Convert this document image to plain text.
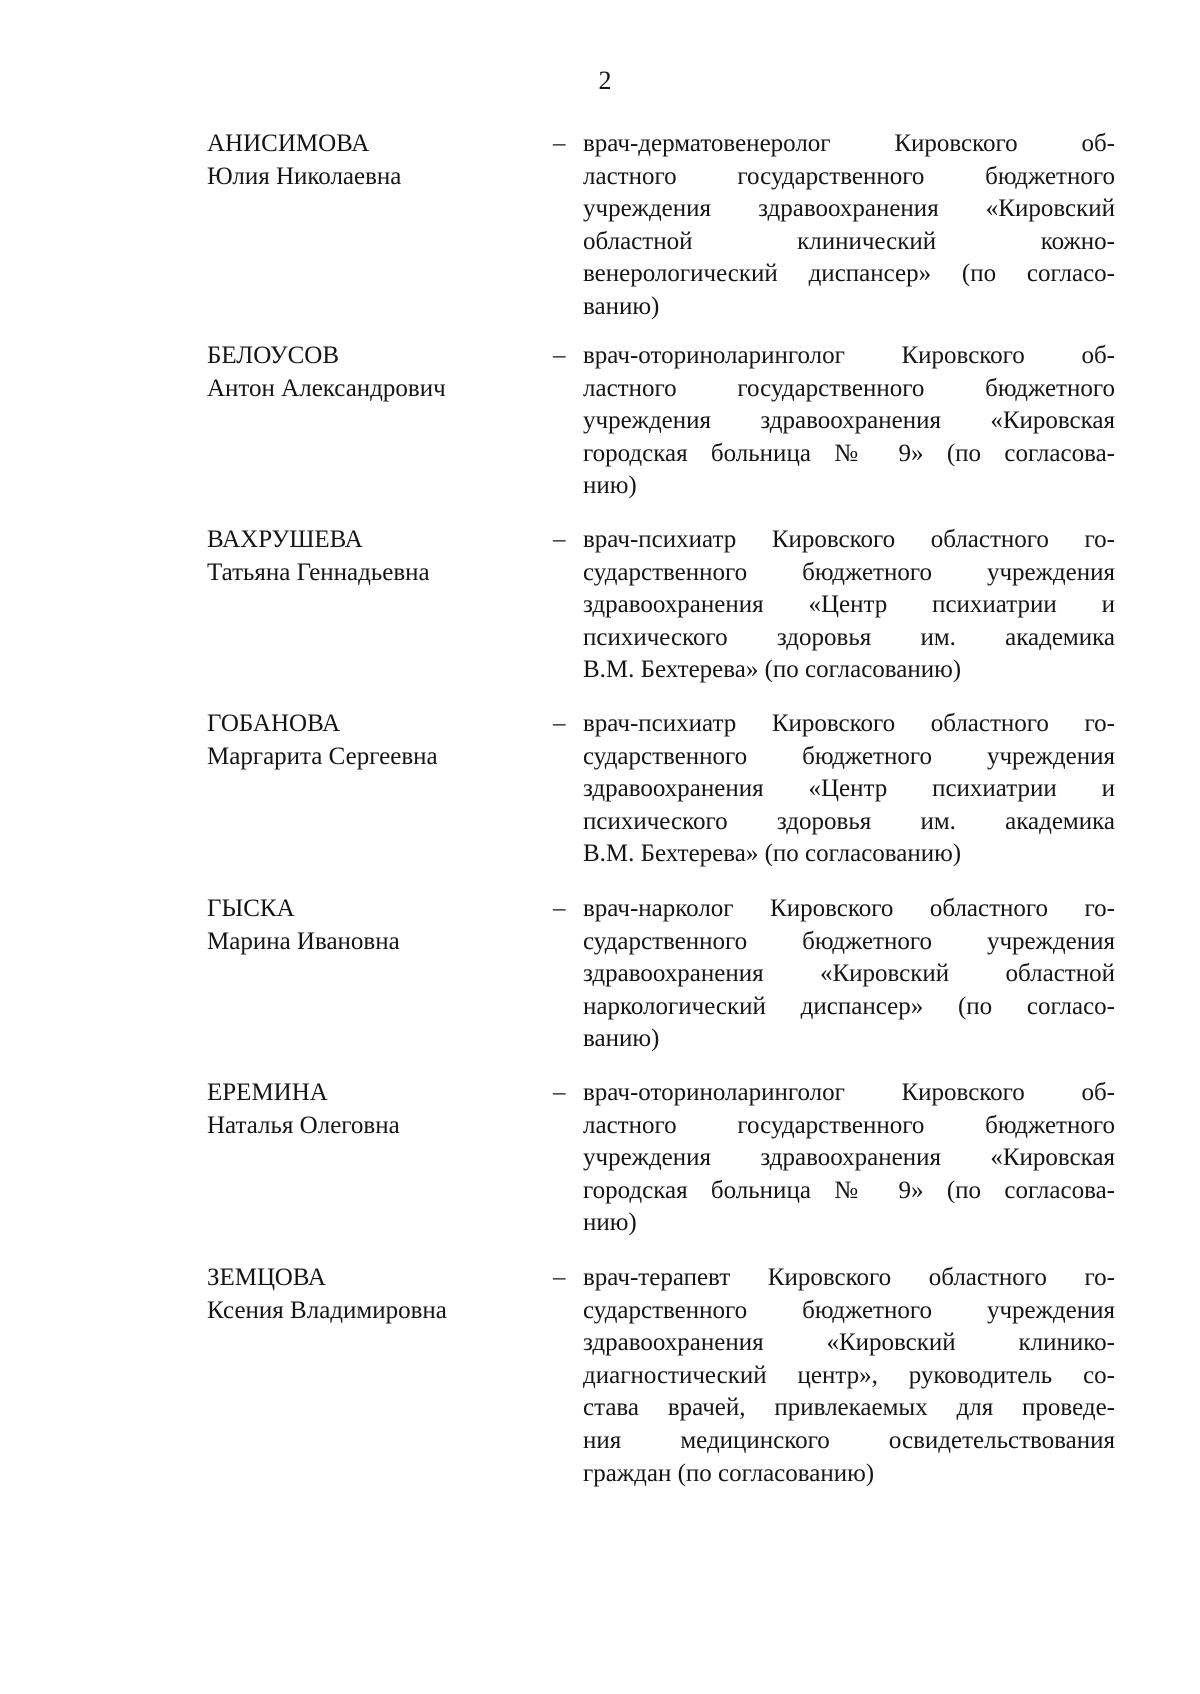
2
АНИСИМОВА
Юлия Николаевна
– врач-дерматовенеролог Кировского об-
ластного государственного бюджетного
учреждения здравоохранения «Кировский
областной клинический кожно-
венерологический диспансер» (по согласо-
ванию)
БЕЛОУСОВ
Антон Александрович
– врач-оториноларинголог Кировского об-
ластного государственного бюджетного
учреждения здравоохранения «Кировская
городская больница № 9» (по согласова-
нию)
ВАХРУШЕВА
Татьяна Геннадьевна
– врач-психиатр Кировского областного го-
сударственного бюджетного учреждения
здравоохранения «Центр психиатрии и
психического здоровья им. академика
В.М. Бехтерева» (по согласованию)
ГОБАНОВА
Маргарита Сергеевна
– врач-психиатр Кировского областного го-
сударственного бюджетного учреждения
здравоохранения «Центр психиатрии и
психического здоровья им. академика
В.М. Бехтерева» (по согласованию)
ГЫСКА
Марина Ивановна
– врач-нарколог Кировского областного го-
сударственного бюджетного учреждения
здравоохранения «Кировский областной
наркологический диспансер» (по согласо-
ванию)
ЕРЕМИНА
Наталья Олеговна
– врач-оториноларинголог Кировского об-
ластного государственного бюджетного
учреждения здравоохранения «Кировская
городская больница № 9» (по согласова-
нию)
ЗЕМЦОВА
Ксения Владимировна
– врач-терапевт Кировского областного го-
сударственного бюджетного учреждения
здравоохранения «Кировский клинико-
диагностический центр», руководитель со-
става врачей, привлекаемых для проведе-
ния медицинского освидетельствования
граждан (по согласованию)
